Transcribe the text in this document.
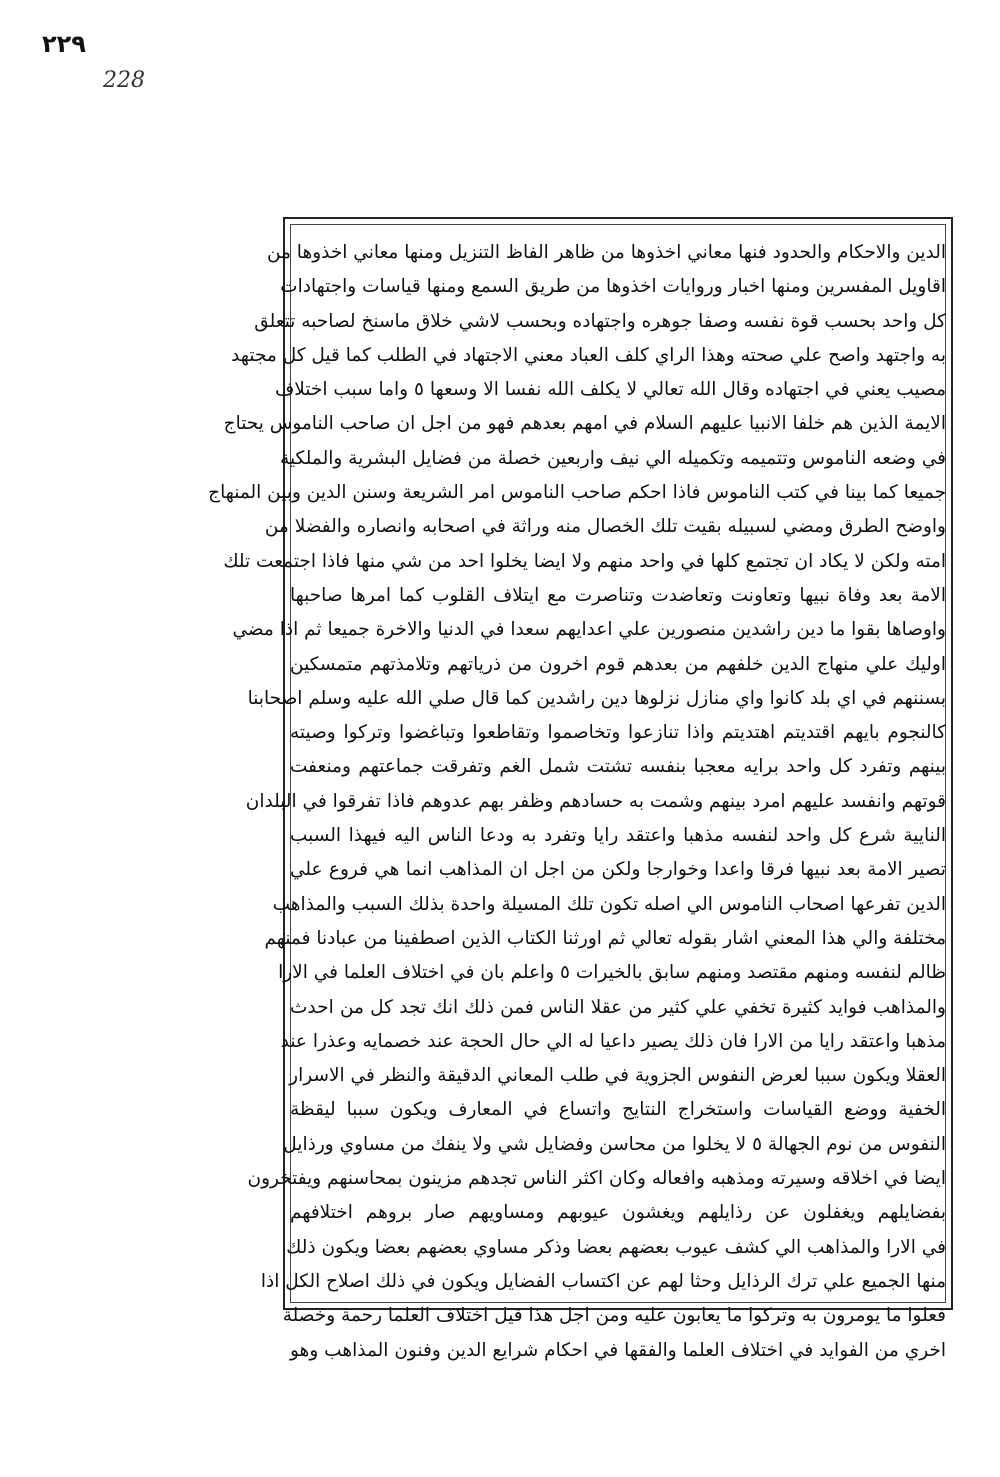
٢٢٩
228
الدين والاحكام والحدود فنها معاني اخذوها من ظاهر الفاظ التنزيل ومنها معاني اخذوها من
اقاويل المفسرين ومنها اخبار وروايات اخذوها من طريق السمع ومنها قياسات واجتهادات
كل واحد بحسب قوة نفسه وصفا جوهره واجتهاده وبحسب لاشي خلاق ماسنخ لصاحبه تتعلق
به واجتهد واصح علي صحته وهذا الراي كلف العباد معني الاجتهاد في الطلب كما قيل كل مجتهد
مصيب يعني في اجتهاده وقال الله تعالي لا يكلف الله نفسا الا وسعها ٥ واما سبب اختلاف
الايمة الذين هم خلفا الانبيا عليهم السلام في امهم بعدهم فهو من اجل ان صاحب الناموس يحتاج
في وضعه الناموس وتتميمه وتكميله الي نيف واربعين خصلة من فضايل البشرية والملكية
جميعا كما بينا في كتب الناموس فاذا احكم صاحب الناموس امر الشريعة وسنن الدين وبين المنهاج
واوضح الطرق ومضي لسبيله بقيت تلك الخصال منه وراثة في اصحابه وانصاره والفضلا من
امته ولكن لا يكاد ان تجتمع كلها في واحد منهم ولا ايضا يخلوا احد من شي منها فاذا اجتمعت تلك
الامة بعد وفاة نبيها وتعاونت وتعاضدت وتناصرت مع ايتلاف القلوب كما امرها صاحبها
واوصاها بقوا ما دين راشدين منصورين علي اعدايهم سعدا في الدنيا والاخرة جميعا ثم اذا مضي
اوليك علي منهاج الدين خلفهم من بعدهم قوم اخرون من ذرياتهم وتلامذتهم متمسكين
بسننهم في اي بلد كانوا واي منازل نزلوها دين راشدين كما قال صلي الله عليه وسلم اصحابنا
كالنجوم بايهم اقتديتم اهتديتم واذا تنازعوا وتخاصموا وتقاطعوا وتباغضوا وتركوا وصيته
بينهم وتفرد كل واحد برايه معجبا بنفسه تشتت شمل الغم وتفرقت جماعتهم ومنعفت
قوتهم وانفسد عليهم امرد بينهم وشمت به حسادهم وظفر بهم عدوهم فاذا تفرقوا في البلدان
النايية شرع كل واحد لنفسه مذهبا واعتقد رايا وتفرد به ودعا الناس اليه فيهذا السبب
تصير الامة بعد نبيها فرقا واعدا وخوارجا ولكن من اجل ان المذاهب انما هي فروع علي
الدين تفرعها اصحاب الناموس الي اصله تكون تلك المسيلة واحدة بذلك السبب والمذاهب
مختلفة والي هذا المعني اشار بقوله تعالي ثم اورثنا الكتاب الذين اصطفينا من عبادنا فمنهم
ظالم لنفسه ومنهم مقتصد ومنهم سابق بالخيرات ٥ واعلم بان في اختلاف العلما في الارا
والمذاهب فوايد كثيرة تخفي علي كثير من عقلا الناس فمن ذلك انك تجد كل من احدث
مذهبا واعتقد رايا من الارا فان ذلك يصير داعيا له الي حال الحجة عند خصمايه وعذرا عند
العقلا ويكون سببا لعرض النفوس الجزوية في طلب المعاني الدقيقة والنظر في الاسرار
الخفية ووضع القياسات واستخراج النتايج واتساع في المعارف ويكون سببا ليقظة
النفوس من نوم الجهالة ٥ لا يخلوا من محاسن وفضايل شي ولا ينفك من مساوي ورذايل
ايضا في اخلاقه وسيرته ومذهبه وافعاله وكان اكثر الناس تجدهم مزينون بمحاسنهم ويفتخرون
بفضايلهم ويغفلون عن رذايلهم ويغشون عيوبهم ومساويهم صار بروهم اختلافهم
في الارا والمذاهب الي كشف عيوب بعضهم بعضا وذكر مساوي بعضهم بعضا ويكون ذلك
منها الجميع علي ترك الرذايل وحثا لهم عن اكتساب الفضايل ويكون في ذلك اصلاح الكل اذا
فعلوا ما يومرون به وتركوا ما يعابون عليه ومن اجل هذا قيل اختلاف العلما رحمة وخصلة
اخري من الفوايد في اختلاف العلما والفقها في احكام شرايع الدين وفنون المذاهب وهو
